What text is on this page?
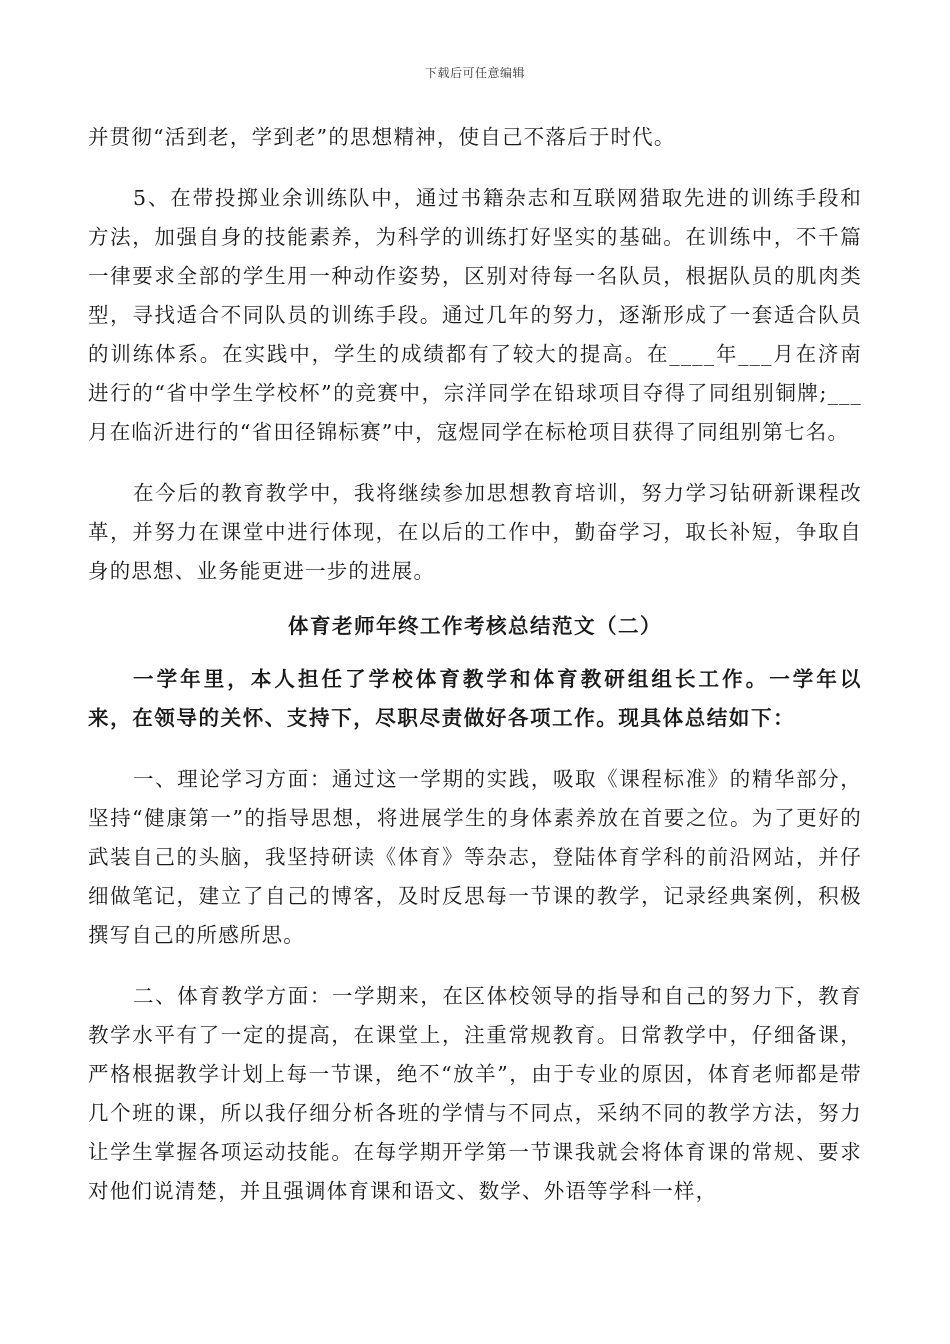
下载后可任意编辑

并贯彻“活到老，学到老”的思想精神，使自己不落后于时代。

5、在带投掷业余训练队中，通过书籍杂志和互联网猎取先进的训练手段和方法，加强自身的技能素养，为科学的训练打好坚实的基础。在训练中，不千篇一律要求全部的学生用一种动作姿势，区别对待每一名队员，根据队员的肌肉类型，寻找适合不同队员的训练手段。通过几年的努力，逐渐形成了一套适合队员的训练体系。在实践中，学生的成绩都有了较大的提高。在____年___月在济南进行的“省中学生学校杯”的竞赛中，宗洋同学在铅球项目夺得了同组别铜牌;___月在临沂进行的“省田径锦标赛”中，寇煜同学在标枪项目获得了同组别第七名。

在今后的教育教学中，我将继续参加思想教育培训，努力学习钻研新课程改革，并努力在课堂中进行体现，在以后的工作中，勤奋学习，取长补短，争取自身的思想、业务能更进一步的进展。

体育老师年终工作考核总结范文（二）

一学年里，本人担任了学校体育教学和体育教研组组长工作。一学年以来，在领导的关怀、支持下，尽职尽责做好各项工作。现具体总结如下：

一、理论学习方面：通过这一学期的实践，吸取《课程标准》的精华部分，坚持“健康第一”的指导思想，将进展学生的身体素养放在首要之位。为了更好的武装自己的头脑，我坚持研读《体育》等杂志，登陆体育学科的前沿网站，并仔细做笔记，建立了自己的博客，及时反思每一节课的教学，记录经典案例，积极撰写自己的所感所思。

二、体育教学方面：一学期来，在区体校领导的指导和自己的努力下，教育教学水平有了一定的提高，在课堂上，注重常规教育。日常教学中，仔细备课，严格根据教学计划上每一节课，绝不“放羊”，由于专业的原因，体育老师都是带几个班的课，所以我仔细分析各班的学情与不同点，采纳不同的教学方法，努力让学生掌握各项运动技能。在每学期开学第一节课我就会将体育课的常规、要求对他们说清楚，并且强调体育课和语文、数学、外语等学科一样，
